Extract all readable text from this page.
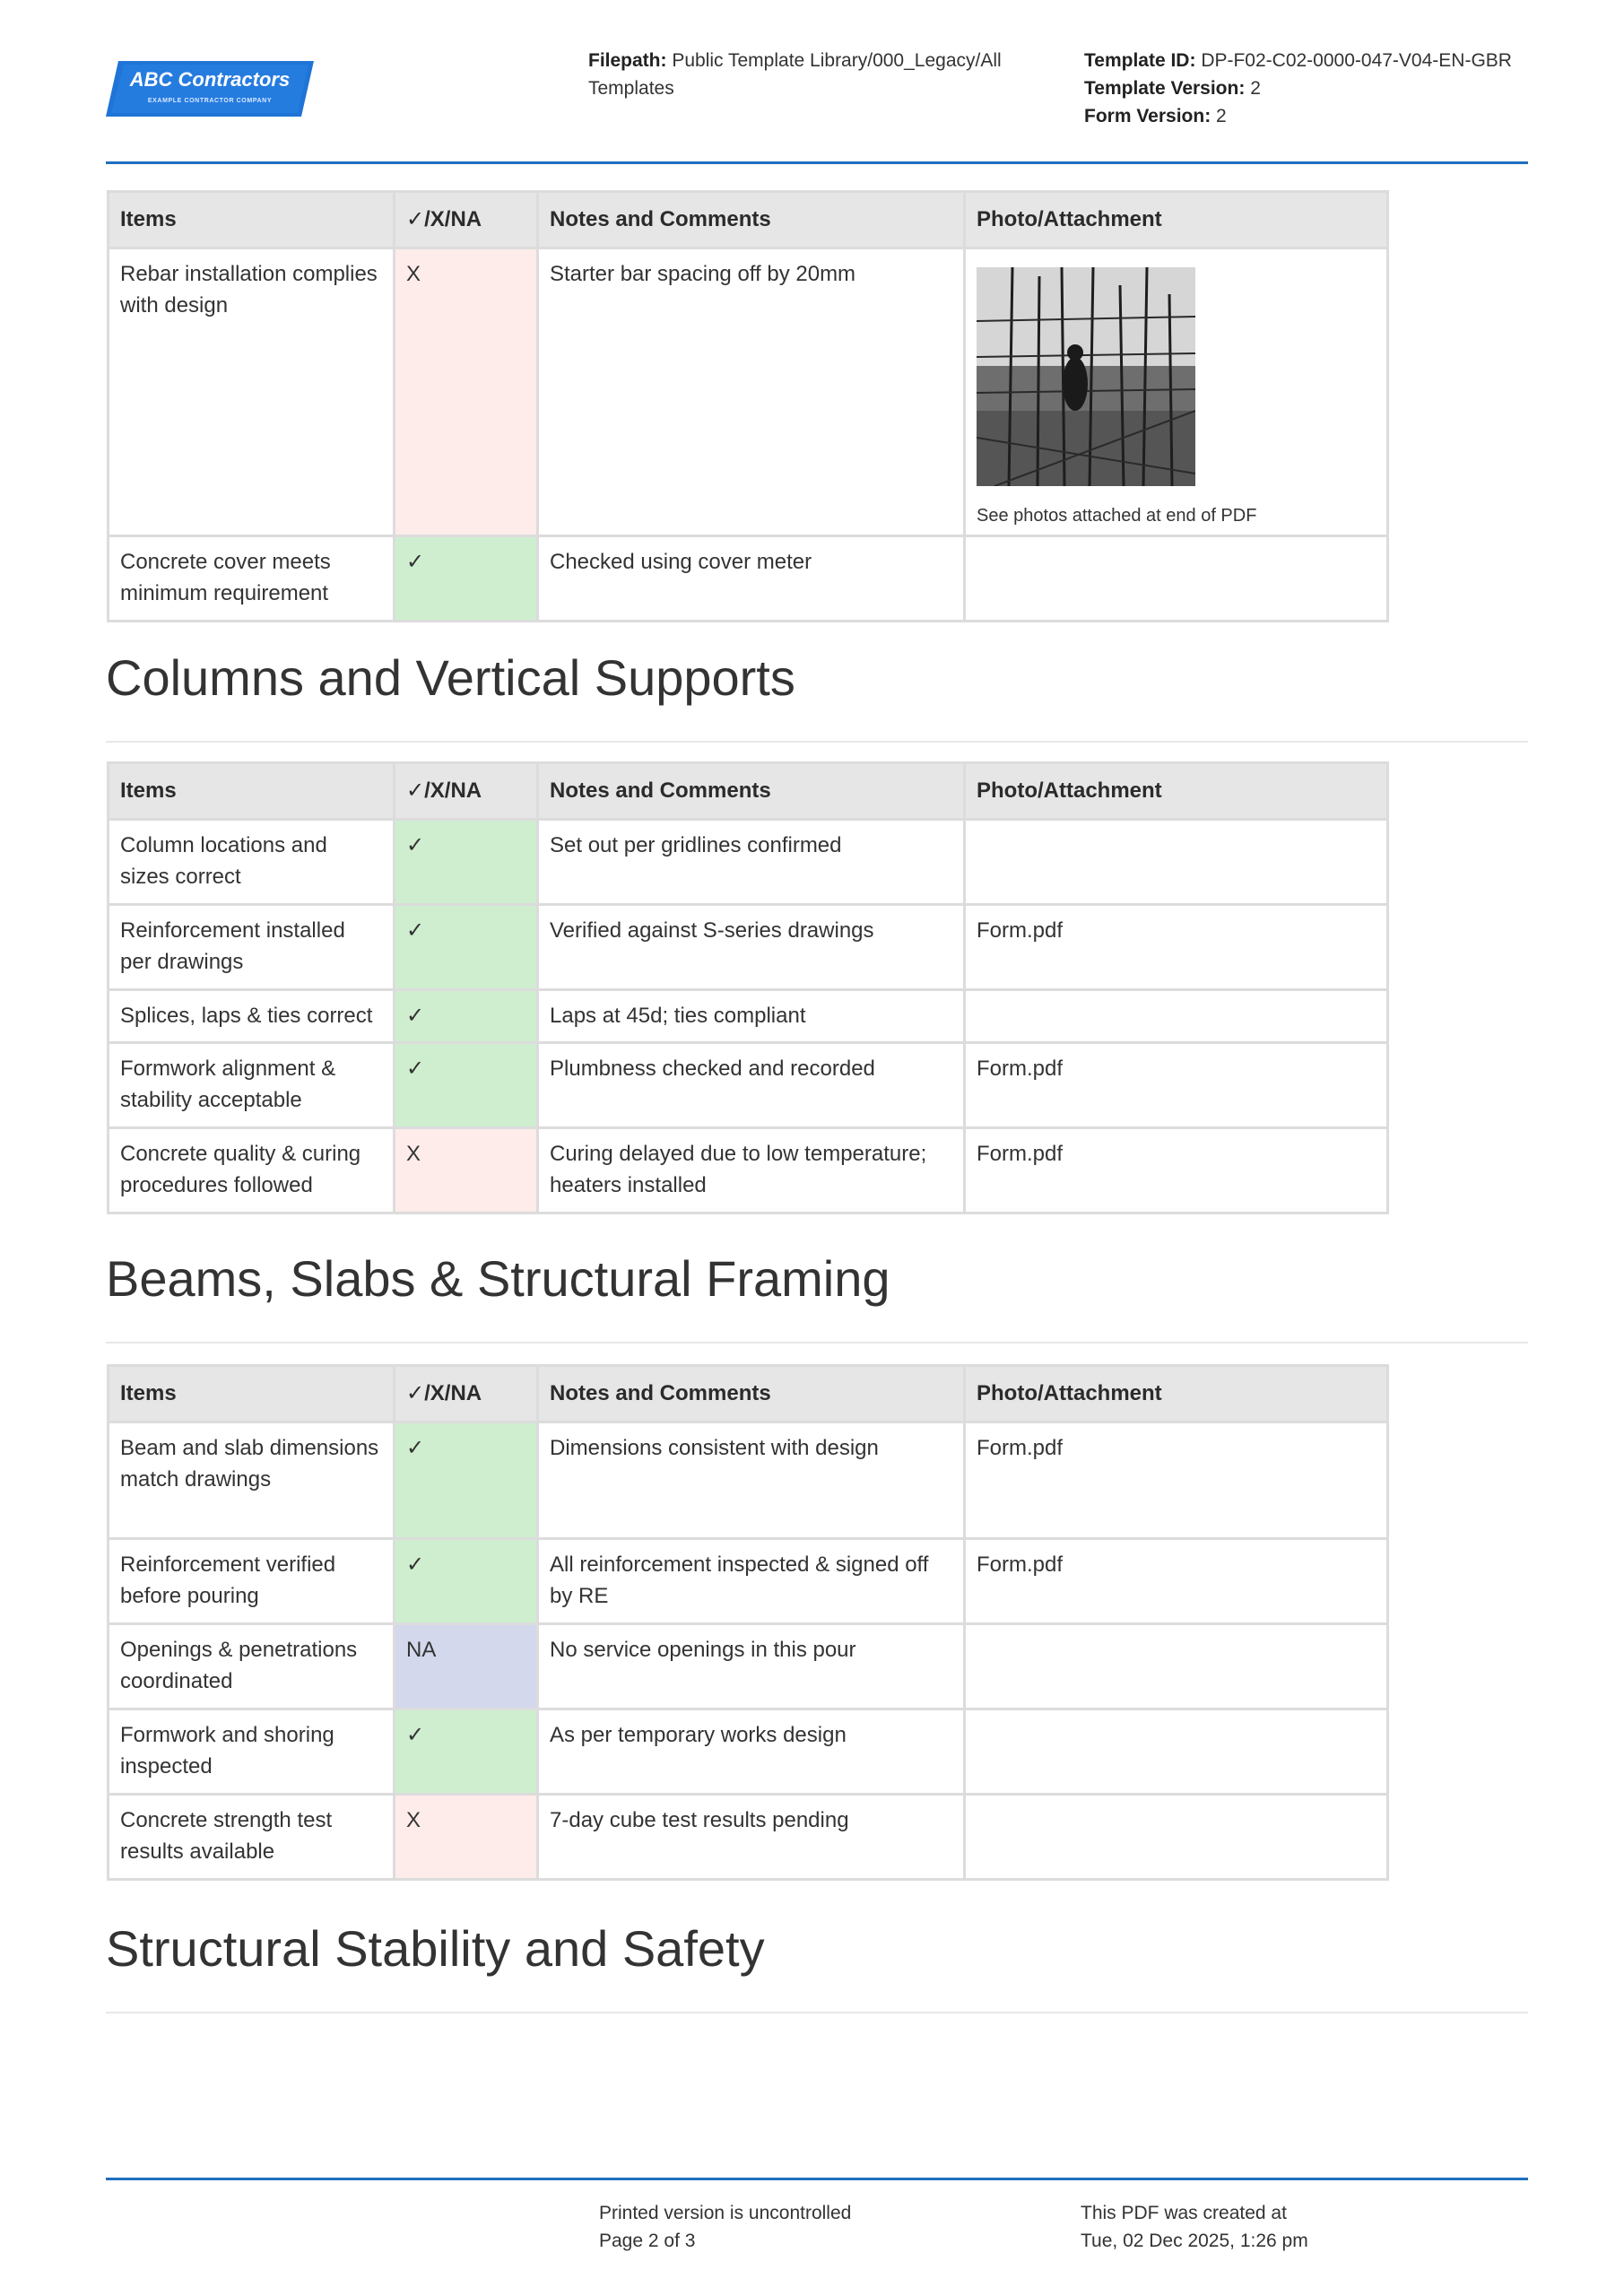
ABC Contractors
EXAMPLE CONTRACTOR COMPANY
Filepath: Public Template Library/000_Legacy/All Templates
Template ID: DP-F02-C02-0000-047-V04-EN-GBR
Template Version: 2
Form Version: 2
Items	✓/X/NA	Notes and Comments	Photo/Attachment
Rebar installation complies with design	X	Starter bar spacing off by 20mm	See photos attached at end of PDF

Concrete cover meets minimum requirement	✓	Checked using cover meter	
Columns and Vertical Supports
Items	✓/X/NA	Notes and Comments	Photo/Attachment
Column locations and sizes correct	✓	Set out per gridlines confirmed	
Reinforcement installed per drawings	✓	Verified against S-series drawings	Form.pdf
Splices, laps & ties correct	✓	Laps at 45d; ties compliant	
Formwork alignment & stability acceptable	✓	Plumbness checked and recorded	Form.pdf
Concrete quality & curing procedures followed	X	Curing delayed due to low temperature; heaters installed	Form.pdf
Beams, Slabs & Structural Framing
Items	✓/X/NA	Notes and Comments	Photo/Attachment
Beam and slab dimensions match drawings	✓	Dimensions consistent with design	Form.pdf
Reinforcement verified before pouring	✓	All reinforcement inspected & signed off by RE	Form.pdf
Openings & penetrations coordinated	NA	No service openings in this pour	
Formwork and shoring inspected	✓	As per temporary works design	
Concrete strength test results available	X	7-day cube test results pending	
Structural Stability and Safety
Printed version is uncontrolled
Page 2 of 3
This PDF was created at
Tue, 02 Dec 2025, 1:26 pm
